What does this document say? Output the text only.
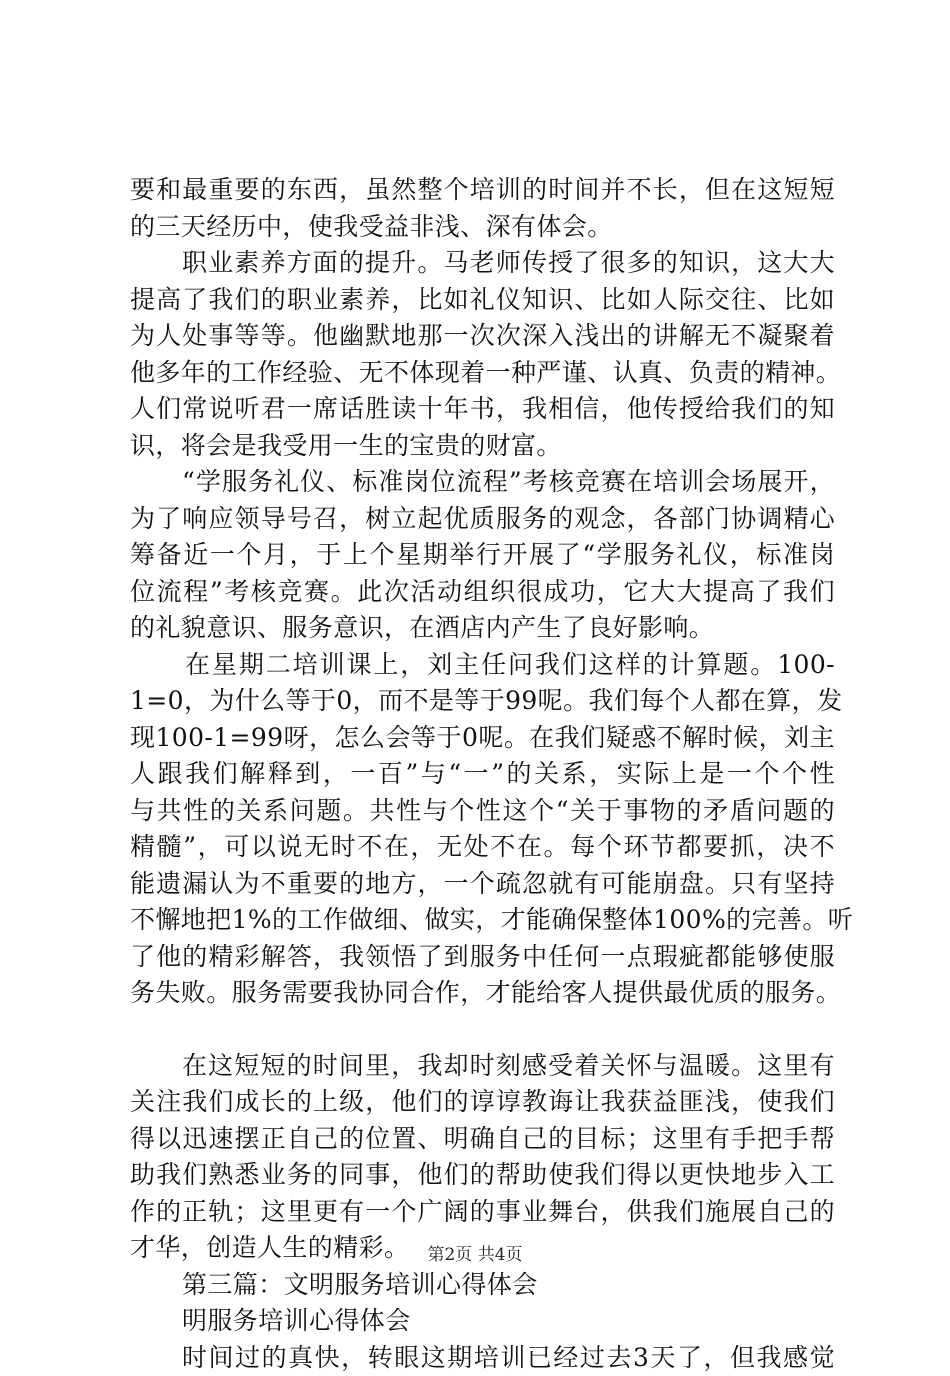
要和最重要的东西，虽然整个培训的时间并不长，但在这短短
的三天经历中，使我受益非浅、深有体会。
职业素养方面的提升。马老师传授了很多的知识，这大大
提高了我们的职业素养，比如礼仪知识、比如人际交往、比如
为人处事等等。他幽默地那一次次深入浅出的讲解无不凝聚着
他多年的工作经验、无不体现着一种严谨、认真、负责的精神。
人们常说听君一席话胜读十年书，我相信，他传授给我们的知
识，将会是我受用一生的宝贵的财富。
“学服务礼仪、标准岗位流程”考核竞赛在培训会场展开，
为了响应领导号召，树立起优质服务的观念，各部门协调精心
筹备近一个月，于上个星期举行开展了“学服务礼仪，标准岗
位流程”考核竞赛。此次活动组织很成功，它大大提高了我们
的礼貌意识、服务意识，在酒店内产生了良好影响。
在星期二培训课上，刘主任问我们这样的计算题。100-
1=0，为什么等于0，而不是等于99呢。我们每个人都在算，发
现100-1=99呀，怎么会等于0呢。在我们疑惑不解时候，刘主
人跟我们解释到，一百”与“一”的关系，实际上是一个个性
与共性的关系问题。共性与个性这个“关于事物的矛盾问题的
精髓”，可以说无时不在，无处不在。每个环节都要抓，决不
能遗漏认为不重要的地方，一个疏忽就有可能崩盘。只有坚持
不懈地把1%的工作做细、做实，才能确保整体100%的完善。听
了他的精彩解答，我领悟了到服务中任何一点瑕疵都能够使服
务失败。服务需要我协同合作，才能给客人提供最优质的服务。
在这短短的时间里，我却时刻感受着关怀与温暖。这里有
关注我们成长的上级，他们的谆谆教诲让我获益匪浅，使我们
得以迅速摆正自己的位置、明确自己的目标；这里有手把手帮
助我们熟悉业务的同事，他们的帮助使我们得以更快地步入工
作的正轨；这里更有一个广阔的事业舞台，供我们施展自己的
才华，创造人生的精彩。
第三篇：文明服务培训心得体会
明服务培训心得体会
时间过的真快，转眼这期培训已经过去3天了，但我感觉
第2页 共4页
